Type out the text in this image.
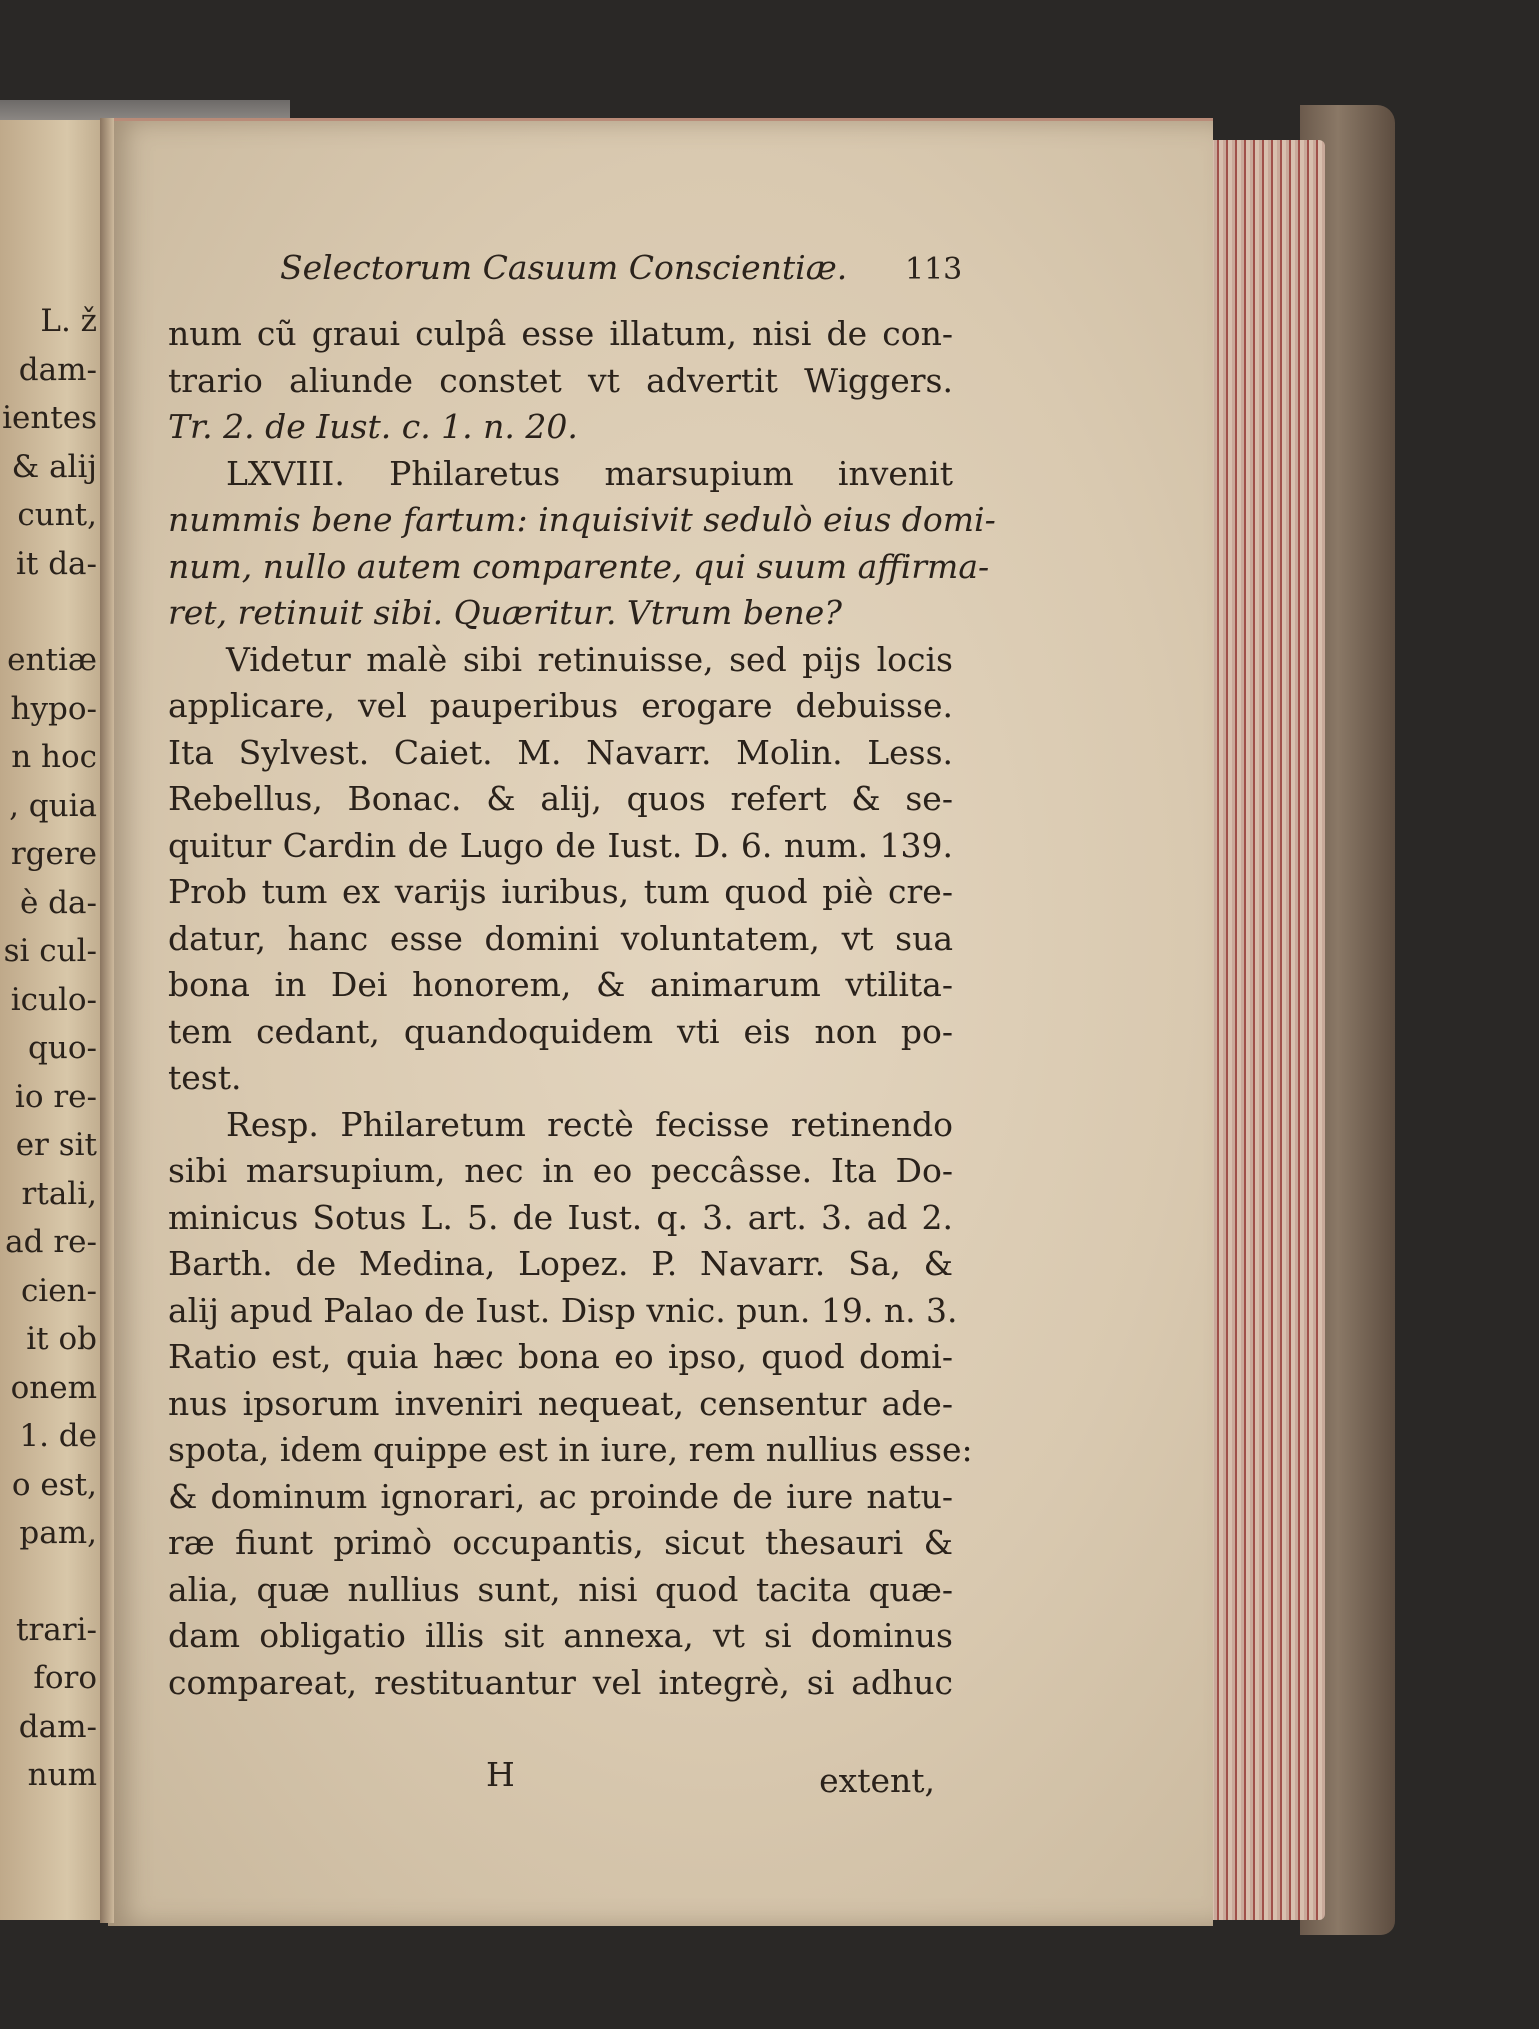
L. ž
dam-
ientes
& alij
cunt,
it da-
entiæ
hypo-
n hoc
, quia
rgere
è da-
si cul-
iculo-
quo-
io re-
er sit
rtali,
ad re-
cien-
it ob
onem
1. de
o est,
pam,
trari-
foro
dam-
num
Selectorum Casuum Conscientiæ. 113
num cũ graui culpâ esse illatum, nisi de con-
trario aliunde constet vt advertit Wiggers.
Tr. 2. de Iust. c. 1. n. 20.
LXVIII. Philaretus marsupium invenit
nummis bene fartum: inquisivit sedulò eius domi-
num, nullo autem comparente, qui suum affirma-
ret, retinuit sibi. Quæritur. Vtrum bene?
Videtur malè sibi retinuisse, sed pijs locis
applicare, vel pauperibus erogare debuisse.
Ita Sylvest. Caiet. M. Navarr. Molin. Less.
Rebellus, Bonac. & alij, quos refert & se-
quitur Cardin de Lugo de Iust. D. 6. num. 139.
Prob tum ex varijs iuribus, tum quod piè cre-
datur, hanc esse domini voluntatem, vt sua
bona in Dei honorem, & animarum vtilita-
tem cedant, quandoquidem vti eis non po-
test.
Resp. Philaretum rectè fecisse retinendo
sibi marsupium, nec in eo peccâsse. Ita Do-
minicus Sotus L. 5. de Iust. q. 3. art. 3. ad 2.
Barth. de Medina, Lopez. P. Navarr. Sa, &
alij apud Palao de Iust. Disp vnic. pun. 19. n. 3.
Ratio est, quia hæc bona eo ipso, quod domi-
nus ipsorum inveniri nequeat, censentur ade-
spota, idem quippe est in iure, rem nullius esse:
& dominum ignorari, ac proinde de iure natu-
ræ fiunt primò occupantis, sicut thesauri &
alia, quæ nullius sunt, nisi quod tacita quæ-
dam obligatio illis sit annexa, vt si dominus
compareat, restituantur vel integrè, si adhuc
H	extent,
